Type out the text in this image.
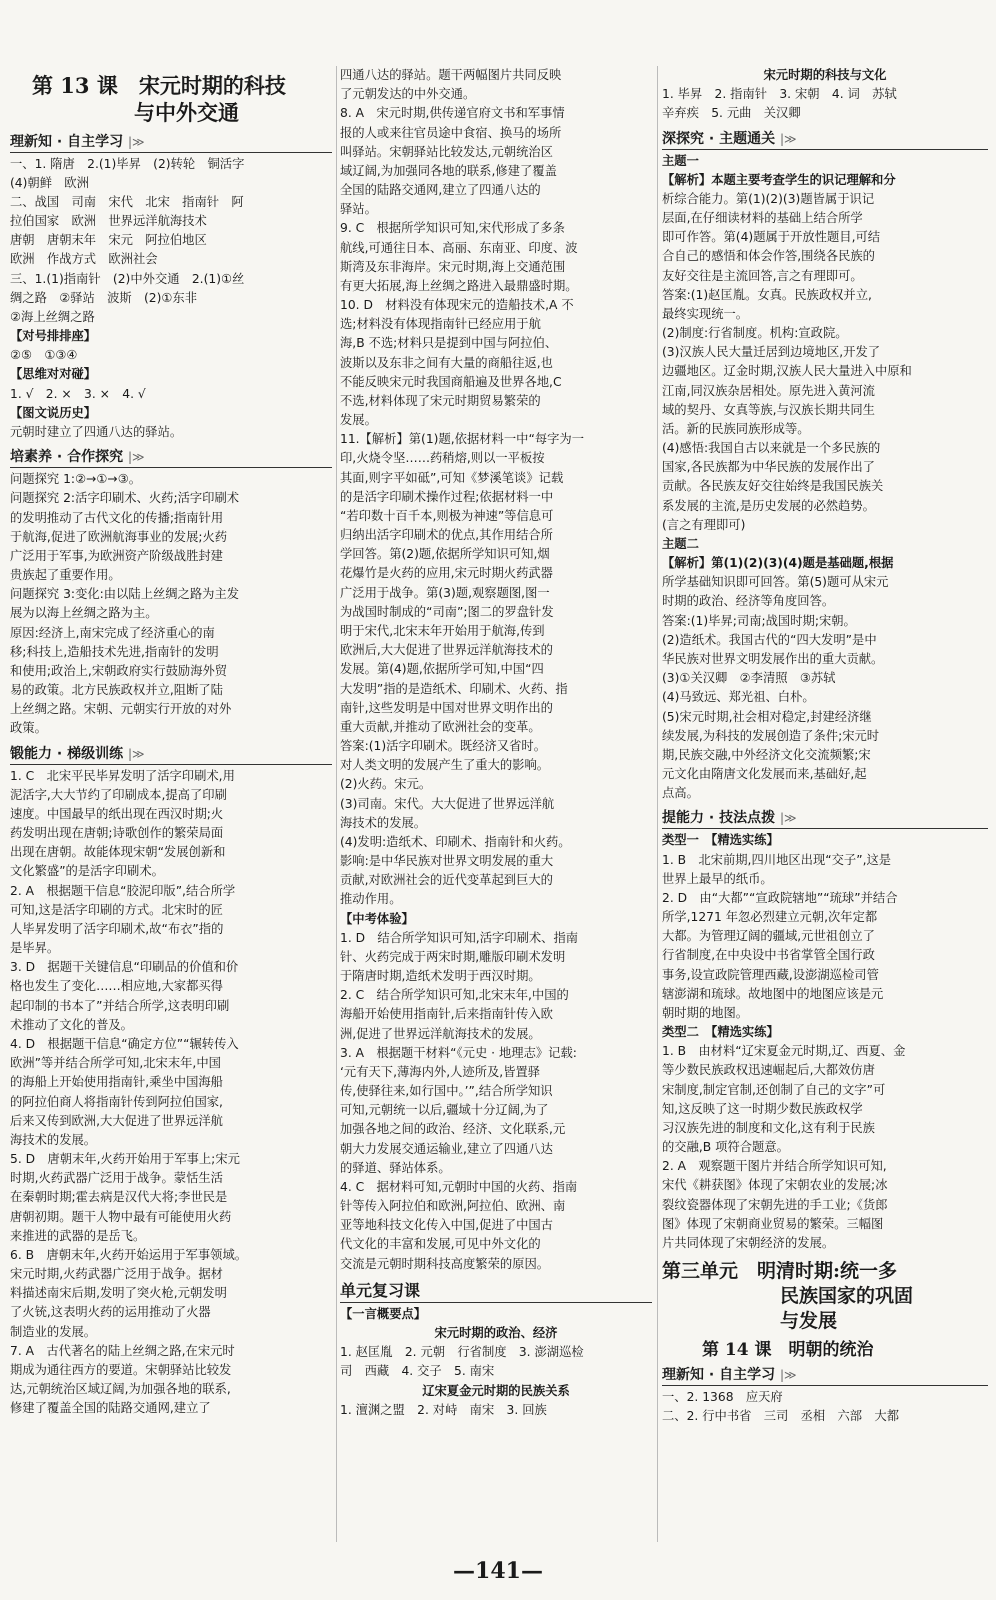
第 13 课　宋元时期的科技
与中外交通
理新知 · 自主学习 |≫
一、1. 隋唐　2.(1)毕昇　(2)转轮　铜活字
(4)朝鲜　欧洲
二、战国　司南　宋代　北宋　指南针　阿
拉伯国家　欧洲　世界远洋航海技术
唐朝　唐朝末年　宋元　阿拉伯地区
欧洲　作战方式　欧洲社会
三、1.(1)指南针　(2)中外交通　2.(1)①丝
绸之路　②驿站　波斯　(2)①东非
②海上丝绸之路
【对号排排座】
②⑤　①③④
【思维对对碰】
1. √　2. ×　3. ×　4. √
【图文说历史】
元朝时建立了四通八达的驿站。
培素养 · 合作探究 |≫
问题探究 1:②→①→③。
问题探究 2:活字印刷术、火药;活字印刷术
的发明推动了古代文化的传播;指南针用
于航海,促进了欧洲航海事业的发展;火药
广泛用于军事,为欧洲资产阶级战胜封建
贵族起了重要作用。
问题探究 3:变化:由以陆上丝绸之路为主发
展为以海上丝绸之路为主。
原因:经济上,南宋完成了经济重心的南
移;科技上,造船技术先进,指南针的发明
和使用;政治上,宋朝政府实行鼓励海外贸
易的政策。北方民族政权并立,阻断了陆
上丝绸之路。宋朝、元朝实行开放的对外
政策。
锻能力 · 梯级训练 |≫
1. C　北宋平民毕昇发明了活字印刷术,用
泥活字,大大节约了印刷成本,提高了印刷
速度。中国最早的纸出现在西汉时期;火
药发明出现在唐朝;诗歌创作的繁荣局面
出现在唐朝。故能体现宋朝“发展创新和
文化繁盛”的是活字印刷术。
2. A　根据题干信息“胶泥印版”,结合所学
可知,这是活字印刷的方式。北宋时的匠
人毕昇发明了活字印刷术,故“布衣”指的
是毕昇。
3. D　据题干关键信息“印刷品的价值和价
格也发生了变化……相应地,大家都买得
起印制的书本了”并结合所学,这表明印刷
术推动了文化的普及。
4. D　根据题干信息“确定方位”“辗转传入
欧洲”等并结合所学可知,北宋末年,中国
的海船上开始使用指南针,乘坐中国海船
的阿拉伯商人将指南针传到阿拉伯国家,
后来又传到欧洲,大大促进了世界远洋航
海技术的发展。
5. D　唐朝末年,火药开始用于军事上;宋元
时期,火药武器广泛用于战争。蒙恬生活
在秦朝时期;霍去病是汉代大将;李世民是
唐朝初期。题干人物中最有可能使用火药
来推进的武器的是岳飞。
6. B　唐朝末年,火药开始运用于军事领域。
宋元时期,火药武器广泛用于战争。据材
料描述南宋后期,发明了突火枪,元朝发明
了火铳,这表明火药的运用推动了火器
制造业的发展。
7. A　古代著名的陆上丝绸之路,在宋元时
期成为通往西方的要道。宋朝驿站比较发
达,元朝统治区域辽阔,为加强各地的联系,
修建了覆盖全国的陆路交通网,建立了
四通八达的驿站。题干两幅图片共同反映
了元朝发达的中外交通。
8. A　宋元时期,供传递官府文书和军事情
报的人或来往官员途中食宿、换马的场所
叫驿站。宋朝驿站比较发达,元朝统治区
域辽阔,为加强同各地的联系,修建了覆盖
全国的陆路交通网,建立了四通八达的
驿站。
9. C　根据所学知识可知,宋代形成了多条
航线,可通往日本、高丽、东南亚、印度、波
斯湾及东非海岸。宋元时期,海上交通范围
有更大拓展,海上丝绸之路进入最鼎盛时期。
10. D　材料没有体现宋元的造船技术,A 不
选;材料没有体现指南针已经应用于航
海,B 不选;材料只是提到中国与阿拉伯、
波斯以及东非之间有大量的商船往返,也
不能反映宋元时我国商船遍及世界各地,C
不选,材料体现了宋元时期贸易繁荣的
发展。
11.【解析】第(1)题,依据材料一中“每字为一
印,火烧令坚……药稍熔,则以一平板按
其面,则字平如砥”,可知《梦溪笔谈》记载
的是活字印刷术操作过程;依据材料一中
“若印数十百千本,则极为神速”等信息可
归纳出活字印刷术的优点,其作用结合所
学回答。第(2)题,依据所学知识可知,烟
花爆竹是火药的应用,宋元时期火药武器
广泛用于战争。第(3)题,观察题图,图一
为战国时制成的“司南”;图二的罗盘针发
明于宋代,北宋末年开始用于航海,传到
欧洲后,大大促进了世界远洋航海技术的
发展。第(4)题,依据所学可知,中国“四
大发明”指的是造纸术、印刷术、火药、指
南针,这些发明是中国对世界文明作出的
重大贡献,并推动了欧洲社会的变革。
答案:(1)活字印刷术。既经济又省时。
对人类文明的发展产生了重大的影响。
(2)火药。宋元。
(3)司南。宋代。大大促进了世界远洋航
海技术的发展。
(4)发明:造纸术、印刷术、指南针和火药。
影响:是中华民族对世界文明发展的重大
贡献,对欧洲社会的近代变革起到巨大的
推动作用。
【中考体验】
1. D　结合所学知识可知,活字印刷术、指南
针、火药完成于两宋时期,雕版印刷术发明
于隋唐时期,造纸术发明于西汉时期。
2. C　结合所学知识可知,北宋末年,中国的
海船开始使用指南针,后来指南针传入欧
洲,促进了世界远洋航海技术的发展。
3. A　根据题干材料“《元史 · 地理志》记载:
‘元有天下,薄海内外,人迹所及,皆置驿
传,使驿往来,如行国中。’”,结合所学知识
可知,元朝统一以后,疆域十分辽阔,为了
加强各地之间的政治、经济、文化联系,元
朝大力发展交通运输业,建立了四通八达
的驿道、驿站体系。
4. C　据材料可知,元朝时中国的火药、指南
针等传入阿拉伯和欧洲,阿拉伯、欧洲、南
亚等地科技文化传入中国,促进了中国古
代文化的丰富和发展,可见中外文化的
交流是元朝时期科技高度繁荣的原因。
单元复习课
【一言概要点】
宋元时期的政治、经济
1. 赵匡胤　2. 元朝　行省制度　3. 澎湖巡检
司　西藏　4. 交子　5. 南宋
辽宋夏金元时期的民族关系
1. 澶渊之盟　2. 对峙　南宋　3. 回族
宋元时期的科技与文化
1. 毕昇　2. 指南针　3. 宋朝　4. 词　苏轼
辛弃疾　5. 元曲　关汉卿
深探究 · 主题通关 |≫
主题一
【解析】本题主要考查学生的识记理解和分
析综合能力。第(1)(2)(3)题皆属于识记
层面,在仔细读材料的基础上结合所学
即可作答。第(4)题属于开放性题目,可结
合自己的感悟和体会作答,围绕各民族的
友好交往是主流回答,言之有理即可。
答案:(1)赵匡胤。女真。民族政权并立,
最终实现统一。
(2)制度:行省制度。机构:宣政院。
(3)汉族人民大量迁居到边境地区,开发了
边疆地区。辽金时期,汉族人民大量进入中原和
江南,同汉族杂居相处。原先进入黄河流
域的契丹、女真等族,与汉族长期共同生
活。新的民族同族形成等。
(4)感悟:我国自古以来就是一个多民族的
国家,各民族都为中华民族的发展作出了
贡献。各民族友好交往始终是我国民族关
系发展的主流,是历史发展的必然趋势。
(言之有理即可)
主题二
【解析】第(1)(2)(3)(4)题是基础题,根据
所学基础知识即可回答。第(5)题可从宋元
时期的政治、经济等角度回答。
答案:(1)毕昇;司南;战国时期;宋朝。
(2)造纸术。我国古代的“四大发明”是中
华民族对世界文明发展作出的重大贡献。
(3)①关汉卿　②李清照　③苏轼
(4)马致远、郑光祖、白朴。
(5)宋元时期,社会相对稳定,封建经济继
续发展,为科技的发展创造了条件;宋元时
期,民族交融,中外经济文化交流频繁;宋
元文化由隋唐文化发展而来,基础好,起
点高。
提能力 · 技法点拨 |≫
类型一　【精选实练】
1. B　北宋前期,四川地区出现“交子”,这是
世界上最早的纸币。
2. D　由“大都”“宣政院辖地”“琉球”并结合
所学,1271 年忽必烈建立元朝,次年定都
大都。为管理辽阔的疆域,元世祖创立了
行省制度,在中央设中书省掌管全国行政
事务,设宣政院管理西藏,设澎湖巡检司管
辖澎湖和琉球。故地图中的地图应该是元
朝时期的地图。
类型二　【精选实练】
1. B　由材料“辽宋夏金元时期,辽、西夏、金
等少数民族政权迅速崛起后,大都效仿唐
宋制度,制定官制,还创制了自己的文字”可
知,这反映了这一时期少数民族政权学
习汉族先进的制度和文化,这有利于民族
的交融,B 项符合题意。
2. A　观察题干图片并结合所学知识可知,
宋代《耕获图》体现了宋朝农业的发展;冰
裂纹瓷器体现了宋朝先进的手工业;《货郎
图》体现了宋朝商业贸易的繁荣。三幅图
片共同体现了宋朝经济的发展。
第三单元　明清时期:统一多
民族国家的巩固
与发展
第 14 课　明朝的统治
理新知 · 自主学习 |≫
一、2. 1368　应天府
二、2. 行中书省　三司　丞相　六部　大都
—141—
